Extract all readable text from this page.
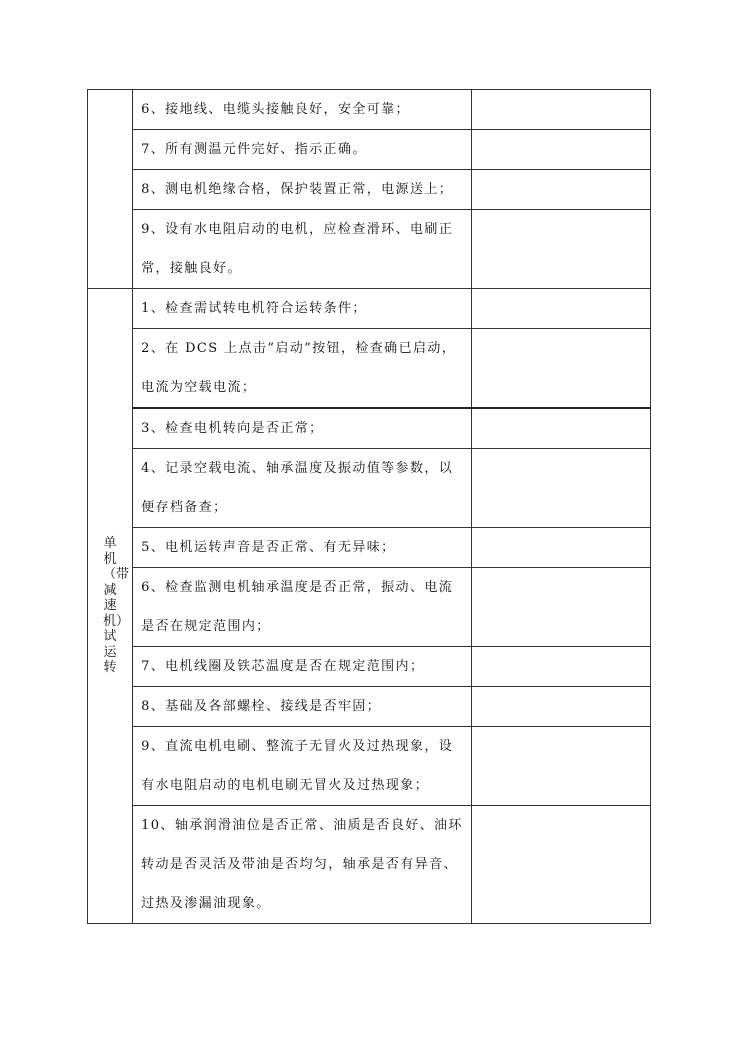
	6、接地线、电缆头接触良好，安全可靠；	

	7、所有测温元件完好、指示正确。	

	8、测电机绝缘合格，保护装置正常，电源送上；	

	9、设有水电阻启动的电机，应检查滑环、电刷正
常，接触良好。	

单机（带减速机）试运转	1、检查需试转电机符合运转条件；	

	2、在 DCS 上点击“启动”按钮，检查确已启动，
电流为空载电流；	

	3、检查电机转向是否正常；	

	4、记录空载电流、轴承温度及振动值等参数，以
便存档备查；	

	5、电机运转声音是否正常、有无异味；	

	6、检查监测电机轴承温度是否正常，振动、电流
是否在规定范围内；	

	7、电机线圈及铁芯温度是否在规定范围内；	

	8、基础及各部螺栓、接线是否牢固；	

	9、直流电机电刷、整流子无冒火及过热现象，设
有水电阻启动的电机电刷无冒火及过热现象；	

	10、轴承润滑油位是否正常、油质是否良好、油环
转动是否灵活及带油是否均匀，轴承是否有异音、
过热及渗漏油现象。	
